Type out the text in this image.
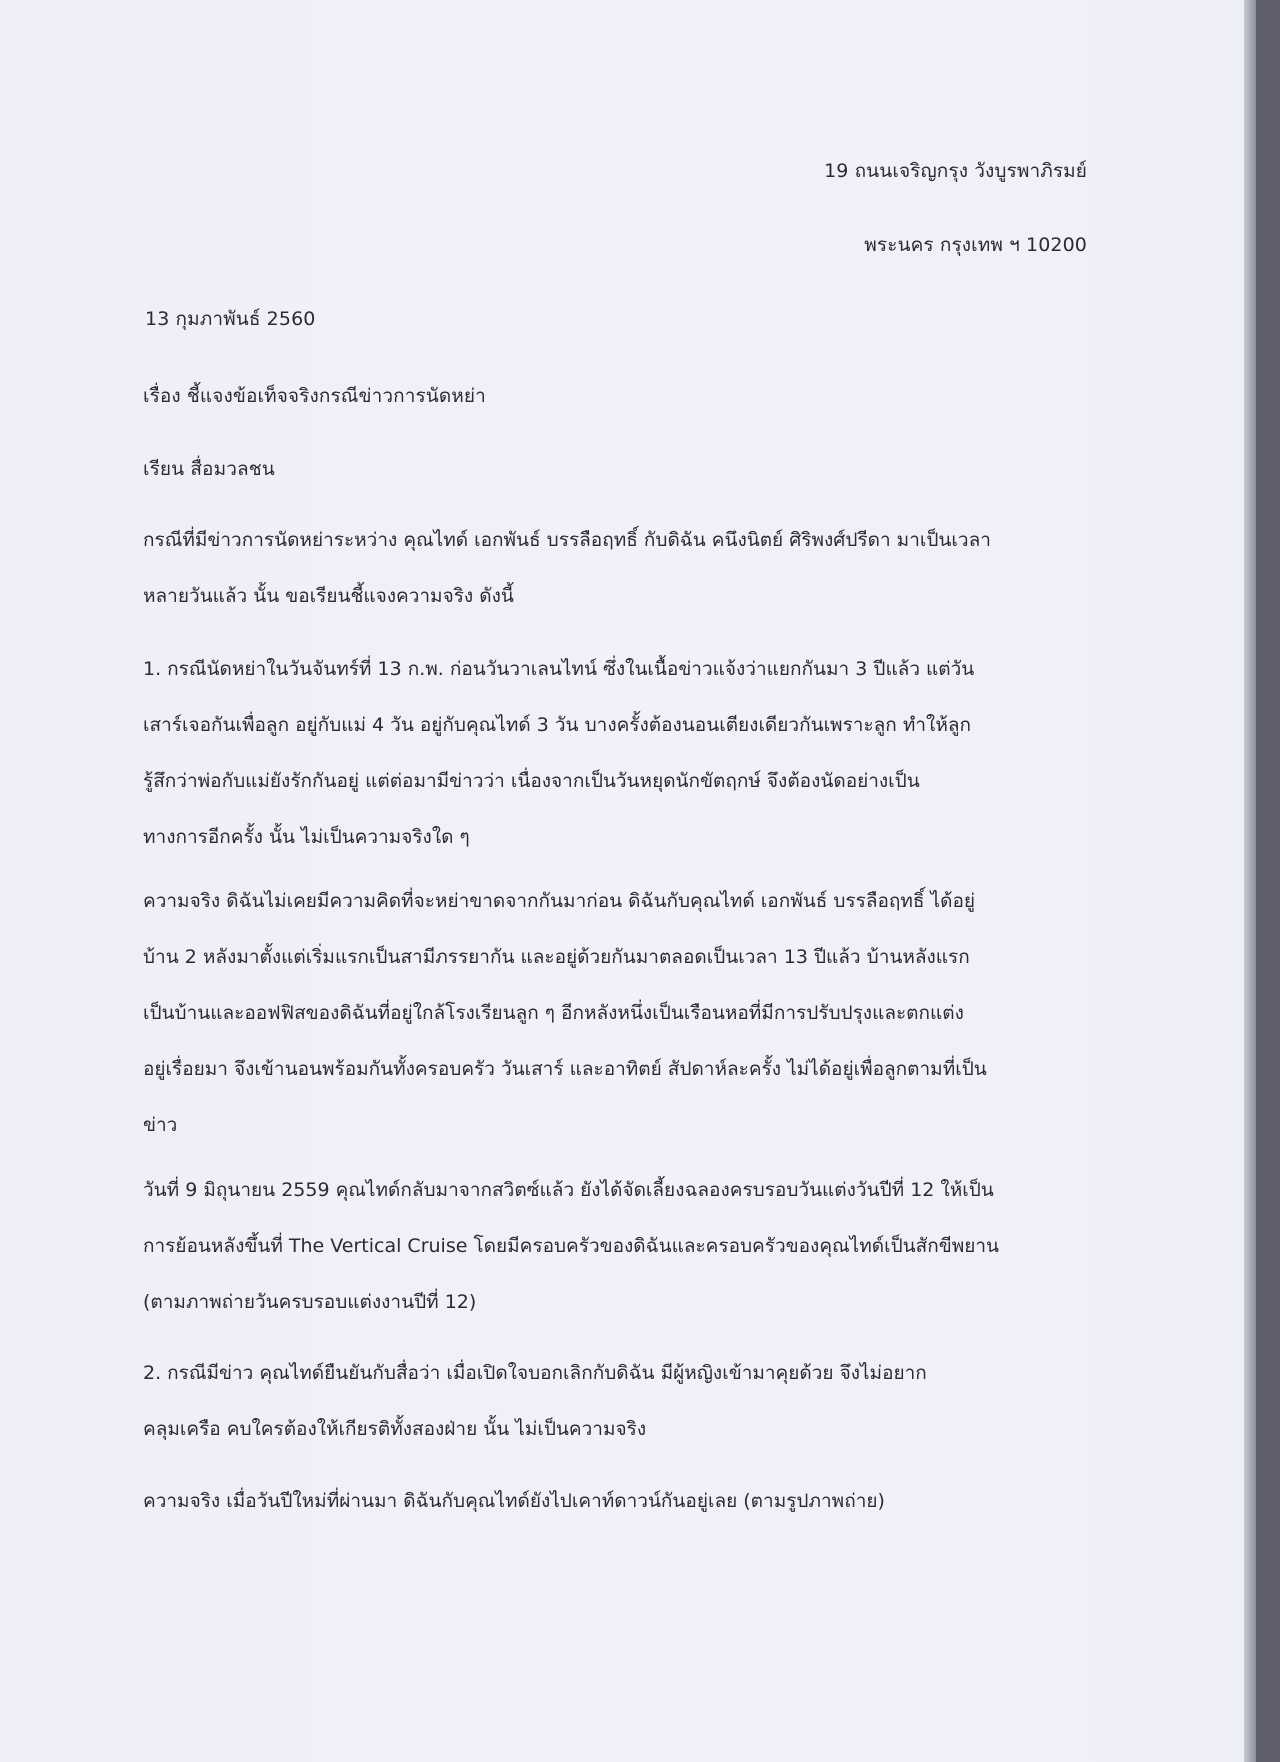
19 ถนนเจริญกรุง วังบูรพาภิรมย์
พระนคร กรุงเทพ ฯ 10200
13 กุมภาพันธ์ 2560
เรื่อง ชี้แจงข้อเท็จจริงกรณีข่าวการนัดหย่า
เรียน สื่อมวลชน
กรณีที่มีข่าวการนัดหย่าระหว่าง คุณไทด์ เอกพันธ์ บรรลือฤทธิ์ กับดิฉัน คนึงนิตย์ ศิริพงศ์ปรีดา มาเป็นเวลา
หลายวันแล้ว นั้น ขอเรียนชี้แจงความจริง ดังนี้
1. กรณีนัดหย่าในวันจันทร์ที่ 13 ก.พ. ก่อนวันวาเลนไทน์ ซึ่งในเนื้อข่าวแจ้งว่าแยกกันมา 3 ปีแล้ว แต่วัน
เสาร์เจอกันเพื่อลูก อยู่กับแม่ 4 วัน อยู่กับคุณไทด์ 3 วัน บางครั้งต้องนอนเตียงเดียวกันเพราะลูก ทำให้ลูก
รู้สึกว่าพ่อกับแม่ยังรักกันอยู่ แต่ต่อมามีข่าวว่า เนื่องจากเป็นวันหยุดนักขัตฤกษ์ จึงต้องนัดอย่างเป็น
ทางการอีกครั้ง นั้น ไม่เป็นความจริงใด ๆ
ความจริง ดิฉันไม่เคยมีความคิดที่จะหย่าขาดจากกันมาก่อน ดิฉันกับคุณไทด์ เอกพันธ์ บรรลือฤทธิ์ ได้อยู่
บ้าน 2 หลังมาตั้งแต่เริ่มแรกเป็นสามีภรรยากัน และอยู่ด้วยกันมาตลอดเป็นเวลา 13 ปีแล้ว บ้านหลังแรก
เป็นบ้านและออฟฟิสของดิฉันที่อยู่ใกล้โรงเรียนลูก ๆ อีกหลังหนึ่งเป็นเรือนหอที่มีการปรับปรุงและตกแต่ง
อยู่เรื่อยมา จึงเข้านอนพร้อมกันทั้งครอบครัว วันเสาร์ และอาทิตย์ สัปดาห์ละครั้ง ไม่ได้อยู่เพื่อลูกตามที่เป็น
ข่าว
วันที่ 9 มิถุนายน 2559 คุณไทด์กลับมาจากสวิตซ์แล้ว ยังได้จัดเลี้ยงฉลองครบรอบวันแต่งวันปีที่ 12 ให้เป็น
การย้อนหลังขึ้นที่ The Vertical Cruise โดยมีครอบครัวของดิฉันและครอบครัวของคุณไทด์เป็นสักขีพยาน
(ตามภาพถ่ายวันครบรอบแต่งงานปีที่ 12)
2. กรณีมีข่าว คุณไทด์ยืนยันกับสื่อว่า เมื่อเปิดใจบอกเลิกกับดิฉัน มีผู้หญิงเข้ามาคุยด้วย จึงไม่อยาก
คลุมเครือ คบใครต้องให้เกียรติทั้งสองฝ่าย นั้น ไม่เป็นความจริง
ความจริง เมื่อวันปีใหม่ที่ผ่านมา ดิฉันกับคุณไทด์ยังไปเคาท์ดาวน์กันอยู่เลย (ตามรูปภาพถ่าย)
